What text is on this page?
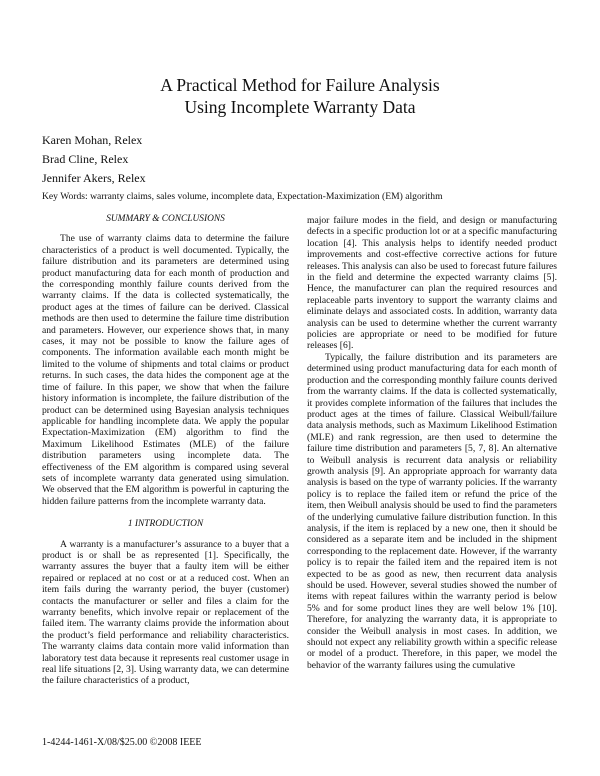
A Practical Method for Failure Analysis
Using Incomplete Warranty Data
Karen Mohan, Relex
Brad Cline, Relex
Jennifer Akers, Relex
Key Words: warranty claims, sales volume, incomplete data, Expectation-Maximization (EM) algorithm
SUMMARY & CONCLUSIONS

The use of warranty claims data to determine the failure characteristics of a product is well documented. Typically, the failure distribution and its parameters are determined using product manufacturing data for each month of production and the corresponding monthly failure counts derived from the warranty claims. If the data is collected systematically, the product ages at the times of failure can be derived. Classical methods are then used to determine the failure time distribution and parameters. However, our experience shows that, in many cases, it may not be possible to know the failure ages of components. The information available each month might be limited to the volume of shipments and total claims or product returns. In such cases, the data hides the component age at the time of failure. In this paper, we show that when the failure history information is incomplete, the failure distribution of the product can be determined using Bayesian analysis techniques applicable for handling incomplete data. We apply the popular Expectation-Maximization (EM) algorithm to find the Maximum Likelihood Estimates (MLE) of the failure distribution parameters using incomplete data. The effectiveness of the EM algorithm is compared using several sets of incomplete warranty data generated using simulation. We observed that the EM algorithm is powerful in capturing the hidden failure patterns from the incomplete warranty data.

1 INTRODUCTION

A warranty is a manufacturer’s assurance to a buyer that a product is or shall be as represented [1]. Specifically, the warranty assures the buyer that a faulty item will be either repaired or replaced at no cost or at a reduced cost. When an item fails during the warranty period, the buyer (customer) contacts the manufacturer or seller and files a claim for the warranty benefits, which involve repair or replacement of the failed item. The warranty claims provide the information about the product’s field performance and reliability characteristics. The warranty claims data contain more valid information than laboratory test data because it represents real customer usage in real life situations [2, 3]. Using warranty data, we can determine the failure characteristics of a product,

major failure modes in the field, and design or manufacturing defects in a specific production lot or at a specific manufacturing location [4]. This analysis helps to identify needed product improvements and cost-effective corrective actions for future releases. This analysis can also be used to forecast future failures in the field and determine the expected warranty claims [5]. Hence, the manufacturer can plan the required resources and replaceable parts inventory to support the warranty claims and eliminate delays and associated costs. In addition, warranty data analysis can be used to determine whether the current warranty policies are appropriate or need to be modified for future releases [6].

Typically, the failure distribution and its parameters are determined using product manufacturing data for each month of production and the corresponding monthly failure counts derived from the warranty claims. If the data is collected systematically, it provides complete information of the failures that includes the product ages at the times of failure. Classical Weibull/failure data analysis methods, such as Maximum Likelihood Estimation (MLE) and rank regression, are then used to determine the failure time distribution and parameters [5, 7, 8]. An alternative to Weibull analysis is recurrent data analysis or reliability growth analysis [9]. An appropriate approach for warranty data analysis is based on the type of warranty policies. If the warranty policy is to replace the failed item or refund the price of the item, then Weibull analysis should be used to find the parameters of the underlying cumulative failure distribution function. In this analysis, if the item is replaced by a new one, then it should be considered as a separate item and be included in the shipment corresponding to the replacement date. However, if the warranty policy is to repair the failed item and the repaired item is not expected to be as good as new, then recurrent data analysis should be used. However, several studies showed the number of items with repeat failures within the warranty period is below 5% and for some product lines they are well below 1% [10]. Therefore, for analyzing the warranty data, it is appropriate to consider the Weibull analysis in most cases. In addition, we should not expect any reliability growth within a specific release or model of a product. Therefore, in this paper, we model the behavior of the warranty failures using the cumulative

1-4244-1461-X/08/$25.00 ©2008 IEEE
